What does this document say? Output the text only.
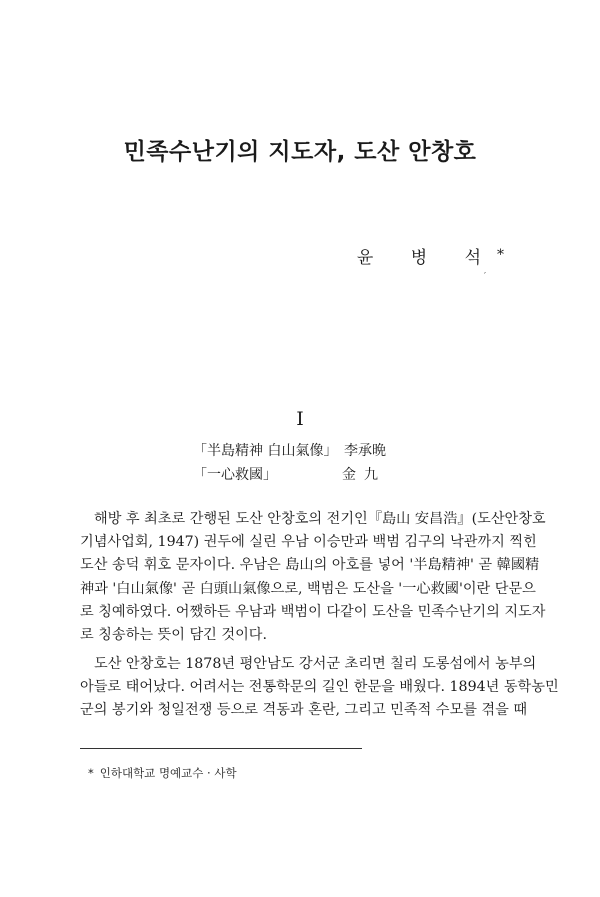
민족수난기의 지도자, 도산 안창호
윤 병 석*
′
I
「半島精神 白山氣像」 李承晩
「一心救國」	金九
해방 후 최초로 간행된 도산 안창호의 전기인『島山 安昌浩』(도산안창호
기념사업회, 1947) 권두에 실린 우남 이승만과 백범 김구의 낙관까지 찍힌
도산 송덕 휘호 문자이다. 우남은 島山의 아호를 넣어 '半島精神' 곧 韓國精
神과 '白山氣像' 곧 白頭山氣像으로, 백범은 도산을 '一心救國'이란 단문으
로 칭예하였다. 어쨌하든 우남과 백범이 다같이 도산을 민족수난기의 지도자
로 칭송하는 뜻이 담긴 것이다.
도산 안창호는 1878년 평안남도 강서군 초리면 칠리 도롱섬에서 농부의
아들로 태어났다. 어려서는 전통학문의 길인 한문을 배웠다. 1894년 동학농민
군의 봉기와 청일전쟁 등으로 격동과 혼란, 그리고 민족적 수모를 겪을 때
* 인하대학교 명예교수 · 사학
